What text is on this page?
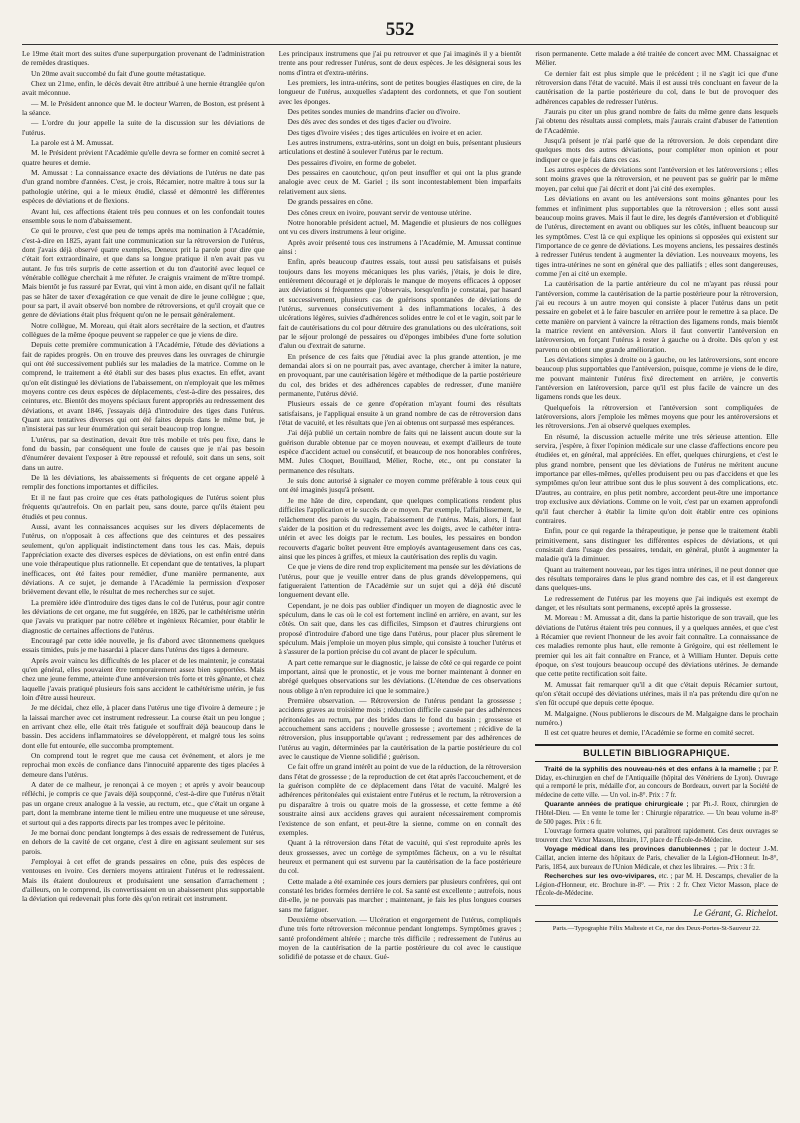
552

Le 19me était mort des suites d'une superpurgation provenant de l'administration de remèdes drastiques.

Un 20me avait succombé du fait d'une goutte métastatique.

Chez un 21me, enfin, le décès devait être attribué à une hernie étranglée qu'on avait méconnue.

— M. le Président annonce que M. le docteur Warren, de Boston, est présent à la séance.

— L'ordre du jour appelle la suite de la discussion sur les déviations de l'utérus.

La parole est à M. Amussat.

M. le Président prévient l'Académie qu'elle devra se former en comité secret à quatre heures et demie.

M. Amussat : La connaissance exacte des déviations de l'utérus ne date pas d'un grand nombre d'années. C'est, je crois, Récamier, notre maître à tous sur la pathologie utérine, qui a le mieux étudié, classé et démontré les différentes espèces de déviations et de flexions.

Avant lui, ces affections étaient très peu connues et on les confondait toutes ensemble sous le nom d'abaissement.

Ce qui le prouve, c'est que peu de temps après ma nomination à l'Académie, c'est-à-dire en 1825, ayant fait une communication sur la rétroversion de l'utérus, dont j'avais déjà observé quatre exemples, Deneux prit la parole pour dire que c'était fort extraordinaire, et que dans sa longue pratique il n'en avait pas vu autant. Je fus très surpris de cette assertion et du ton d'autorité avec lequel ce vénérable collègue cherchait à me réfuter. Je craignis vraiment de m'être trompé. Mais bientôt je fus rassuré par Evrat, qui vint à mon aide, en disant qu'il ne fallait pas se hâter de taxer d'exagération ce que venait de dire le jeune collègue ; que, pour sa part, il avait observé bon nombre de rétroversions, et qu'il croyait que ce genre de déviations était plus fréquent qu'on ne le pensait généralement.

Notre collègue, M. Moreau, qui était alors secrétaire de la section, et d'autres collègues de la même époque peuvent se rappeler ce que je viens de dire.

Depuis cette première communication à l'Académie, l'étude des déviations a fait de rapides progrès. On en trouve des preuves dans les ouvrages de chirurgie qui ont été successivement publiés sur les maladies de la matrice. Comme on le comprend, le traitement a été établi sur des bases plus exactes. En effet, avant qu'on eût distingué les déviations de l'abaissement, on n'employait que les mêmes moyens contre ces deux espèces de déplacements, c'est-à-dire des pessaires, des ceintures, etc. Bientôt des moyens spéciaux furent appropriés au redressement des déviations, et avant 1846, j'essayais déjà d'introduire des tiges dans l'utérus. Quant aux tentatives diverses qui ont été faites depuis dans le même but, je n'insisterai pas sur leur énumération qui serait beaucoup trop longue.

L'utérus, par sa destination, devait être très mobile et très peu fixe, dans le fond du bassin, par conséquent une foule de causes que je n'ai pas besoin d'énumérer devaient l'exposer à être repoussé et refoulé, soit dans un sens, soit dans un autre.

De là les déviations, les abaissements si fréquents de cet organe appelé à remplir des fonctions importantes et difficiles.

Et il ne faut pas croire que ces états pathologiques de l'utérus soient plus fréquents qu'autrefois. On en parlait peu, sans doute, parce qu'ils étaient peu étudiés et peu connus.

Aussi, avant les connaissances acquises sur les divers déplacements de l'utérus, on n'opposait à ces affections que des ceintures et des pessaires seulement, qu'on appliquait indistinctement dans tous les cas. Mais, depuis l'appréciation exacte des diverses espèces de déviations, on est enfin entré dans une voie thérapeutique plus rationnelle. Et cependant que de tentatives, la plupart inefficaces, ont été faites pour remédier, d'une manière permanente, aux déviations. A ce sujet, je demande à l'Académie la permission d'exposer brièvement devant elle, le résultat de mes recherches sur ce sujet.

La première idée d'introduire des tiges dans le col de l'utérus, pour agir contre les déviations de cet organe, me fut suggérée, en 1826, par le cathétérisme utérin que j'avais vu pratiquer par notre célèbre et ingénieux Récamier, pour établir le diagnostic de certaines affections de l'utérus.

Encouragé par cette idée nouvelle, je fis d'abord avec tâtonnemens quelques essais timides, puis je me hasardai à placer dans l'utérus des tiges à demeure.

Après avoir vaincu les difficultés de les placer et de les maintenir, je constatai qu'en général, elles pouvaient être temporairement assez bien supportées. Mais chez une jeune femme, atteinte d'une antéversion très forte et très gênante, et chez laquelle j'avais pratiqué plusieurs fois sans accident le cathétérisme utérin, je fus loin d'être aussi heureux.

Je me décidai, chez elle, à placer dans l'utérus une tige d'ivoire à demeure ; je la laissai marcher avec cet instrument redresseur. La course était un peu longue ; en arrivant chez elle, elle était très fatiguée et souffrait déjà beaucoup dans le bassin. Des accidens inflammatoires se développèrent, et malgré tous les soins dont elle fut entourée, elle succomba promptement.

On comprend tout le regret que me causa cet événement, et alors je me reprochai mon excès de confiance dans l'innocuité apparente des tiges placées à demeure dans l'utérus.

A dater de ce malheur, je renonçai à ce moyen ; et après y avoir beaucoup réfléchi, je compris ce que j'avais déjà soupçonné, c'est-à-dire que l'utérus n'était pas un organe creux analogue à la vessie, au rectum, etc., que c'était un organe à part, dont la membrane interne tient le milieu entre une muqueuse et une séreuse, et surtout qui a des rapports directs par les trompes avec le péritoine.

Je me bornai donc pendant longtemps à des essais de redressement de l'utérus, en dehors de la cavité de cet organe, c'est à dire en agissant seulement sur ses parois.

J'employai à cet effet de grands pessaires en cône, puis des espèces de ventouses en ivoire. Ces derniers moyens attiraient l'utérus et le redressaient. Mais ils étaient douloureux et produisaient une sensation d'arrachement ; d'ailleurs, on le comprend, ils convertissaient en un abaissement plus supportable la déviation qui redevenait plus forte dès qu'on retirait cet instrument.

Les principaux instrumens que j'ai pu retrouver et que j'ai imaginés il y a bientôt trente ans pour redresser l'utérus, sont de deux espèces. Je les désignerai sous les noms d'intra et d'extra-utérins.

Les premiers, les intra-utérins, sont de petites bougies élastiques en cire, de la longueur de l'utérus, auxquelles s'adaptent des cordonnets, et que l'on soutient avec les éponges.

Des petites sondes munies de mandrins d'acier ou d'ivoire.

Des dés avec des sondes et des tiges d'acier ou d'ivoire.

Des tiges d'ivoire visées ; des tiges articulées en ivoire et en acier.

Les autres instrumens, extra-utérins, sont un doigt en buis, présentant plusieurs articulations et destiné à soulever l'utérus par le rectum.

Des pessaires d'ivoire, en forme de gobelet.

Des pessaires en caoutchouc, qu'on peut insuffler et qui ont la plus grande analogie avec ceux de M. Gariel ; ils sont incontestablement bien imparfaits relativement aux siens.

De grands pessaires en cône.

Des cônes creux en ivoire, pouvant servir de ventouse utérine.

Notre honorable président actuel, M. Magendie et plusieurs de nos collègues ont vu ces divers instrumens à leur origine.

Après avoir présenté tous ces instrumens à l'Académie, M. Amussat continue ainsi :

Enfin, après beaucoup d'autres essais, tout aussi peu satisfaisans et puisés toujours dans les moyens mécaniques les plus variés, j'étais, je dois le dire, entièrement découragé et je déplorais le manque de moyens efficaces à opposer aux déviations si fréquentes que j'observais, lorsqu'enfin je constatai, par hasard et successivement, plusieurs cas de guérisons spontanées de déviations de l'utérus, survenues consécutivement à des inflammations locales, à des ulcérations légères, suivies d'adhérences solides entre le col et le vagin, soit par le fait de cautérisations du col pour détruire des granulations ou des ulcérations, soit par le séjour prolongé de pessaires ou d'éponges imbibées d'une forte solution d'alun ou d'extrait de saturne.

En présence de ces faits que j'étudiai avec la plus grande attention, je me demandai alors si on ne pourrait pas, avec avantage, chercher à imiter la nature, en provoquant, par une cautérisation légère et méthodique de la partie postérieure du col, des brides et des adhérences capables de redresser, d'une manière permanente, l'utérus dévié.

Plusieurs essais de ce genre d'opération m'ayant fourni des résultats satisfaisans, je l'appliquai ensuite à un grand nombre de cas de rétroversion dans l'état de vacuité, et les résultats que j'en ai obtenus ont surpassé mes espérances.

J'ai déjà publié un certain nombre de faits qui ne laissent aucun doute sur la guérison durable obtenue par ce moyen nouveau, et exempt d'ailleurs de toute espèce d'accident actuel ou consécutif, et beaucoup de nos honorables confrères, MM. Jules Cloquet, Bouillaud, Mélier, Roche, etc., ont pu constater la permanence des résultats.

Je suis donc autorisé à signaler ce moyen comme préférable à tous ceux qui ont été imaginés jusqu'à présent.

Je me hâte de dire, cependant, que quelques complications rendent plus difficiles l'application et le succès de ce moyen. Par exemple, l'affaiblissement, le relâchement des parois du vagin, l'abaissement de l'utérus. Mais, alors, il faut s'aider de la position et du redressement avec les doigts, avec le cathéter intra-utérin et avec les doigts par le rectum. Les boules, les pessaires en bondon recouverts d'agaric boîtet peuvent être employés avantageusement dans ces cas, ainsi que les pinces à griffes, et mieux la cautérisation des replis du vagin.

Ce que je viens de dire rend trop explicitement ma pensée sur les déviations de l'utérus, pour que je veuille entrer dans de plus grands développemens, qui fatigueraient l'attention de l'Académie sur un sujet qui a déjà été discuté longuement devant elle.

Cependant, je ne dois pas oublier d'indiquer un moyen de diagnostic avec le spéculum, dans le cas où le col est fortement incliné en arrière, en avant, sur les côtés. On sait que, dans les cas difficiles, Simpson et d'autres chirurgiens ont proposé d'introduire d'abord une tige dans l'utérus, pour placer plus sûrement le spéculum. Mais j'emploie un moyen plus simple, qui consiste à toucher l'utérus et à s'assurer de la portion précise du col avant de placer le spéculum.

A part cette remarque sur le diagnostic, je laisse de côté ce qui regarde ce point important, ainsi que le pronostic, et je vous me borner maintenant à donner en abrégé quelques observations sur les déviations. (L'étendue de ces observations nous oblige à n'en reproduire ici que le sommaire.)

Première observation. — Rétroversion de l'utérus pendant la grossesse ; accidens graves au troisième mois ; réduction difficile causée par des adhérences péritonéales au rectum, par des brides dans le fond du bassin ; grossesse et accouchement sans accidens ; nouvelle grossesse ; avortement ; récidive de la rétroversion, plus insupportable qu'avant ; redressement par des adhérences de l'utérus au vagin, déterminées par la cautérisation de la partie postérieure du col avec le caustique de Vienne solidifié ; guérison.

Ce fait offre un grand intérêt au point de vue de la réduction, de la rétroversion dans l'état de grossesse ; de la reproduction de cet état après l'accouchement, et de la guérison complète de ce déplacement dans l'état de vacuité. Malgré les adhérences péritonéales qui existaient entre l'utérus et le rectum, la rétroversion a pu disparaître à trois ou quatre mois de la grossesse, et cette femme a été soustraite ainsi aux accidens graves qui auraient nécessairement compromis l'existence de son enfant, et peut-être la sienne, comme on en connaît des exemples.

Quant à la rétroversion dans l'état de vacuité, qui s'est reproduite après les deux grossesses, avec un cortège de symptômes fâcheux, on a vu le résultat heureux et permanent qui est survenu par la cautérisation de la face postérieure du col.

Cette malade a été examinée ces jours derniers par plusieurs confrères, qui ont constaté les brides formées derrière le col. Sa santé est excellente ; autrefois, nous dit-elle, je ne pouvais pas marcher ; maintenant, je fais les plus longues courses sans me fatiguer.

Deuxième observation. — Ulcération et engorgement de l'utérus, compliqués d'une très forte rétroversion méconnue pendant longtemps. Symptômes graves ; santé profondément altérée ; marche très difficile ; redressement de l'utérus au moyen de la cautérisation de la partie postérieure du col avec le caustique solidifié de potasse et de chaux. Gué-

rison permanente. Cette malade a été traitée de concert avec MM. Chassaignac et Mélier.

Ce dernier fait est plus simple que le précédent ; il ne s'agit ici que d'une rétroversion dans l'état de vacuité. Mais il est aussi très concluant en faveur de la cautérisation de la partie postérieure du col, dans le but de provoquer des adhérences capables de redresser l'utérus.

J'aurais pu citer un plus grand nombre de faits du même genre dans lesquels j'ai obtenu des résultats aussi complets, mais j'aurais craint d'abuser de l'attention de l'Académie.

Jusqu'à présent je n'ai parlé que de la rétroversion. Je dois cependant dire quelques mots des autres déviations, pour compléter mon opinion et pour indiquer ce que je fais dans ces cas.

Les autres espèces de déviations sont l'antéversion et les latéroversions ; elles sont moins graves que la rétroversion, et ne peuvent pas se guérir par le même moyen, par celui que j'ai décrit et dont j'ai cité des exemples.

Les déviations en avant ou les antéversions sont moins gênantes pour les femmes et infiniment plus supportables que la rétroversion ; elles sont aussi beaucoup moins graves. Mais il faut le dire, les degrés d'antéversion et d'obliquité de l'utérus, directement en avant ou obliques sur les côtés, influent beaucoup sur les symptômes. C'est là ce qui explique les opinions si opposées qui existent sur l'importance de ce genre de déviations. Les moyens anciens, les pessaires destinés à redresser l'utérus tendent à augmenter la déviation. Les nouveaux moyens, les tiges intra-utérines ne sont en général que des palliatifs ; elles sont dangereuses, comme j'en ai cité un exemple.

La cautérisation de la partie antérieure du col ne m'ayant pas réussi pour l'antéversion, comme la cautérisation de la partie postérieure pour la rétroversion, j'ai eu recours à un autre moyen qui consiste à placer l'utérus dans un petit pessaire en gobelet et à le faire basculer en arrière pour le remettre à sa place. De cette manière on parvient à vaincre la rétraction des ligamens ronds, mais bientôt la matrice revient en antéversion. Alors il faut convertir l'antéversion en latéroversion, en forçant l'utérus à rester à gauche ou à droite. Dès qu'on y est parvenu on obtient une grande amélioration.

Les déviations simples à droite ou à gauche, ou les latéroversions, sont encore beaucoup plus supportables que l'antéversion, puisque, comme je viens de le dire, me pouvant maintenir l'utérus fixé directement en arrière, je convertis l'antéversion en latéroversion, parce qu'il est plus facile de vaincre un des ligamens ronds que les deux.

Quelquefois la rétroversion et l'antéversion sont compliquées de latéroversions, alors j'emploie les mêmes moyens que pour les antéroversions et les rétroversions. J'en ai observé quelques exemples.

En résumé, la discussion actuelle mérite une très sérieuse attention. Elle servira, j'espère, à fixer l'opinion médicale sur une classe d'affections encore peu étudiées et, en général, mal appréciées. En effet, quelques chirurgiens, et c'est le plus grand nombre, pensent que les déviations de l'utérus ne méritent aucune importance par elles-mêmes, qu'elles produisent peu ou pas d'accidens et que les symptômes qu'on leur attribue sont dus le plus souvent à des complications, etc. D'autres, au contraire, en plus petit nombre, accordent peut-être une importance trop exclusive aux déviations. Comme on le voit, c'est par un examen approfondi qu'il faut chercher à établir la limite qu'on doit établir entre ces opinions contraires.

Enfin, pour ce qui regarde la thérapeutique, je pense que le traitement établi primitivement, sans distinguer les différentes espèces de déviations, et qui consistait dans l'usage des pessaires, tendait, en général, plutôt à augmenter la maladie qu'à la diminuer.

Quant au traitement nouveau, par les tiges intra utérines, il ne peut donner que des résultats temporaires dans le plus grand nombre des cas, et il est dangereux dans quelques-uns.

Le redressement de l'utérus par les moyens que j'ai indiqués est exempt de danger, et les résultats sont permanens, excepté après la grossesse.

M. Moreau : M. Amussat a dit, dans la partie historique de son travail, que les déviations de l'utérus étaient très peu connues, il y a quelques années, et que c'est à Récamier que revient l'honneur de les avoir fait connaître. La connaissance de ces maladies remonte plus haut, elle remonte à Grégoire, qui est réellement le premier qui les ait fait connaître en France, et à William Hunter. Depuis cette époque, on s'est toujours beaucoup occupé des déviations utérines. Je demande que cette petite rectification soit faite.

M. Amussat fait remarquer qu'il a dit que c'était depuis Récamier surtout, qu'on s'était occupé des déviations utérines, mais il n'a pas prétendu dire qu'on ne s'en fût occupé que depuis cette époque.

M. Malgaigne. (Nous publierons le discours de M. Malgaigne dans le prochain numéro.)

Il est cet quatre heures et demie, l'Académie se forme en comité secret.

BULLETIN BIBLIOGRAPHIQUE.

Traité de la syphilis des nouveau-nés et des enfans à la mamelle ; par P. Diday, ex-chirurgien en chef de l'Antiquaille (hôpital des Vénériens de Lyon). Ouvrage qui a remporté le prix, médaille d'or, au concours de Bordeaux, ouvert par la Société de médecine de cette ville. — Un vol. in-8°. Prix : 7 fr.

Quarante années de pratique chirurgicale ; par Ph.-J. Roux, chirurgien de l'Hôtel-Dieu. — En vente le tome Ier : Chirurgie réparatrice. — Un beau volume in-8° de 500 pages. Prix : 6 fr.

L'ouvrage formera quatre volumes, qui paraîtront rapidement. Ces deux ouvrages se trouvent chez Victor Masson, libraire, 17, place de l'École-de-Médecine.

Voyage médical dans les provinces danubiennes ; par le docteur J.-M. Caillat, ancien interne des hôpitaux de Paris, chevalier de la Légion-d'Honneur. In-8°, Paris, 1854, aux bureaux de l'Union Médicale, et chez les libraires. — Prix : 3 fr.

Recherches sur les ovo-vivipares, etc. ; par M. H. Descamps, chevalier de la Légion-d'Honneur, etc. Brochure in-8°. — Prix : 2 fr. Chez Victor Masson, place de l'École-de-Médecine.

Le Gérant, G. Richelot.
Paris.—Typographie Félix Malteste et Ce, rue des Deux-Portes-St-Sauveur 22.
